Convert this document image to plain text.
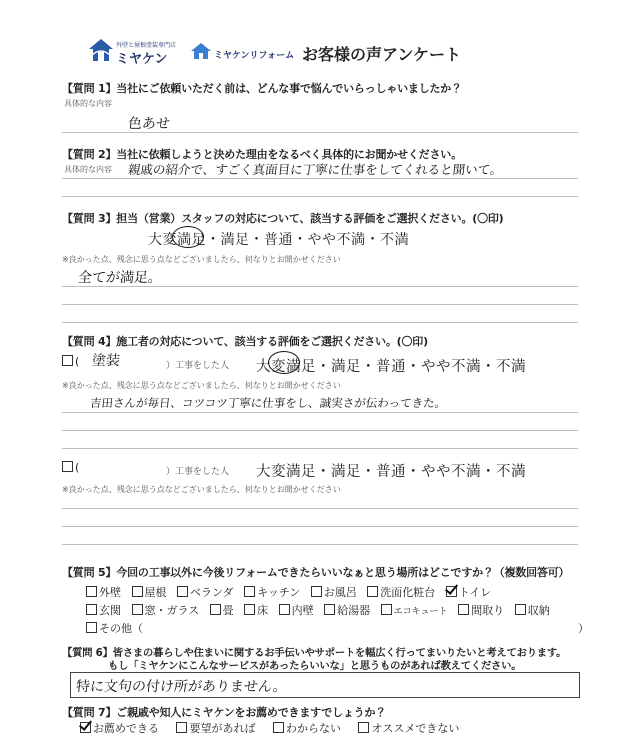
外壁と屋根塗装専門店
ミヤケン	ミヤケンリフォーム お客様の声アンケート
【質問 1】当社にご依頼いただく前は、どんな事で悩んでいらっしゃいましたか？
具体的な内容
色あせ
【質問 2】当社に依頼しようと決めた理由をなるべく具体的にお聞かせください。
具体的な内容 親戚の紹介で、すごく真面目に丁寧に仕事をしてくれると聞いて。
【質問 3】担当（営業）スタッフの対応について、該当する評価をご選択ください。(〇印)
大変満足・満足・普通・やや不満・不満
※良かった点、残念に思う点などございましたら、何なりとお聞かせください
全てが満足。
【質問 4】施工者の対応について、該当する評価をご選択ください。(〇印)
( 塗装	）工事をした人 大変満足・満足・普通・やや不満・不満
※良かった点、残念に思う点などございましたら、何なりとお聞かせください
吉田さんが毎日、コツコツ丁寧に仕事をし、誠実さが伝わってきた。
(	）工事をした人 大変満足・満足・普通・やや不満・不満
※良かった点、残念に思う点などございましたら、何なりとお聞かせください
【質問 5】今回の工事以外に今後リフォームできたらいいなぁと思う場所はどこですか？（複数回答可）
外壁 屋根 ベランダ キッチン お風呂 洗面化粧台 トイレ
玄関 窓・ガラス 畳 床 内壁 給湯器	エコキュート 間取り 収納
その他（	）
【質問 6】皆さまの暮らしや住まいに関するお手伝いやサポートを幅広く行ってまいりたいと考えております。
もし「ミヤケンにこんなサービスがあったらいいな」と思うものがあれば教えてください。
特に文句の付け所がありません。
【質問 7】ご親戚や知人にミヤケンをお薦めできますでしょうか？
お薦めできる	要望があれば	わからない	オススメできない
